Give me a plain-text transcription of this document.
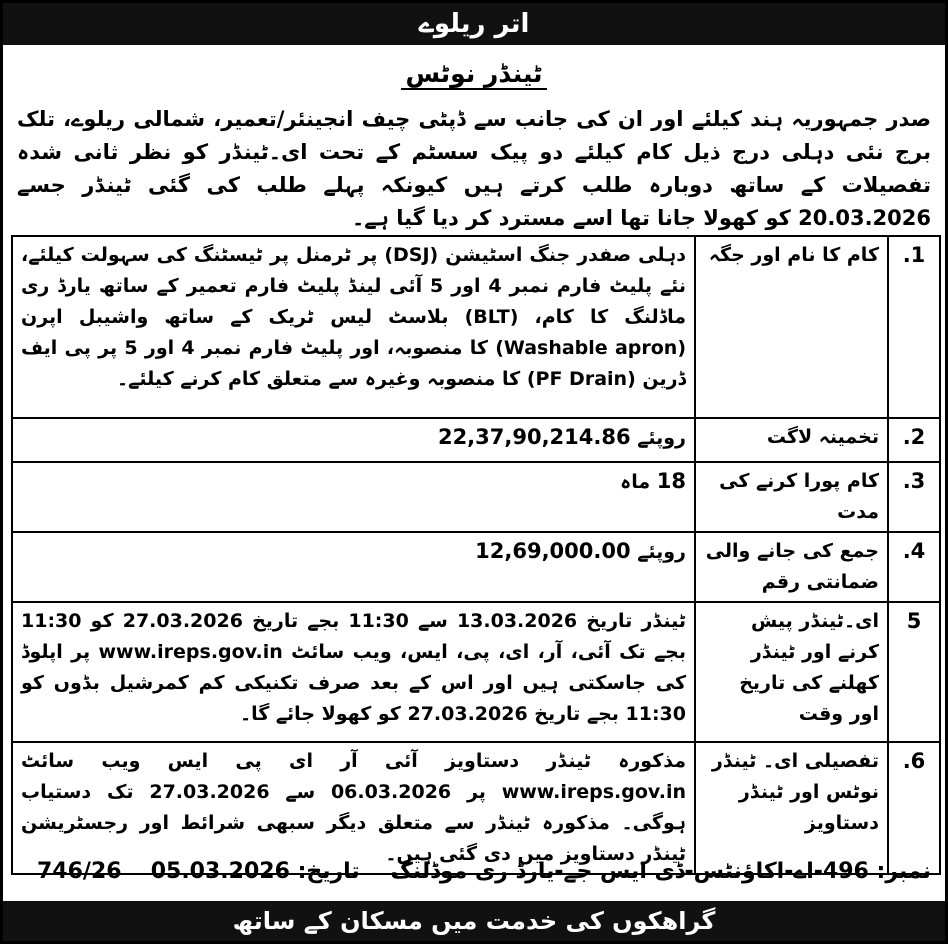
اتر ریلوے
ٹینڈر نوٹس
صدر جمہوریہ ہند کیلئے اور ان کی جانب سے ڈپٹی چیف انجینئر/تعمیر، شمالی ریلوے، تلک برج نئی دہلی درج ذیل کام کیلئے دو پیک سسٹم کے تحت ای۔ٹینڈر کو نظر ثانی شدہ تفصیلات کے ساتھ دوبارہ طلب کرتے ہیں کیونکہ پہلے طلب کی گئی ٹینڈر جسے 20.03.2026 کو کھولا جانا تھا اسے مسترد کر دیا گیا ہے۔
1.	کام کا نام اور جگہ	دہلی صفدر جنگ اسٹیشن (DSJ) پر ٹرمنل پر ٹیسٹنگ کی سہولت کیلئے، نئے پلیٹ فارم نمبر 4 اور 5 آئی لینڈ پلیٹ فارم تعمیر کے ساتھ یارڈ ری ماڈلنگ کا کام، (BLT) بلاسٹ لیس ٹریک کے ساتھ واشیبل اپرن (Washable apron) کا منصوبہ، اور پلیٹ فارم نمبر 4 اور 5 پر پی ایف ڈرین (PF Drain) کا منصوبہ وغیرہ سے متعلق کام کرنے کیلئے۔
2.	تخمینہ لاگت	روپئے 22,37,90,214.86
3.	کام پورا کرنے کی مدت	18 ماہ
4.	جمع کی جانے والی ضمانتی رقم	روپئے 12,69,000.00
5	ای۔ٹینڈر پیش کرنے اور ٹینڈر کھلنے کی تاریخ اور وقت	ٹینڈر تاریخ 13.03.2026 سے 11:30 بجے تاریخ 27.03.2026 کو 11:30 بجے تک آئی، آر، ای، پی، ایس، ویب سائٹ www.ireps.gov.in پر اپلوڈ کی جاسکتی ہیں اور اس کے بعد صرف تکنیکی کم کمرشیل بڈوں کو 11:30 بجے تاریخ 27.03.2026 کو کھولا جائے گا۔
6.	تفصیلی ای۔ ٹینڈر نوٹس اور ٹینڈر دستاویز	مذکورہ ٹینڈر دستاویز آئی آر ای پی ایس ویب سائٹ www.ireps.gov.in پر 06.03.2026 سے 27.03.2026 تک دستیاب ہوگی۔ مذکورہ ٹینڈر سے متعلق دیگر سبھی شرائط اور رجسٹریشن ٹینڈر دستاویز میں دی گئی ہیں۔
نمبر: 496-اے-اکاؤنٹس-ڈی ایس جے-یارڈ ری موڈلنگ    تاریخ: 05.03.2026
746/26
گراھکوں کی خدمت میں مسکان کے ساتھ
